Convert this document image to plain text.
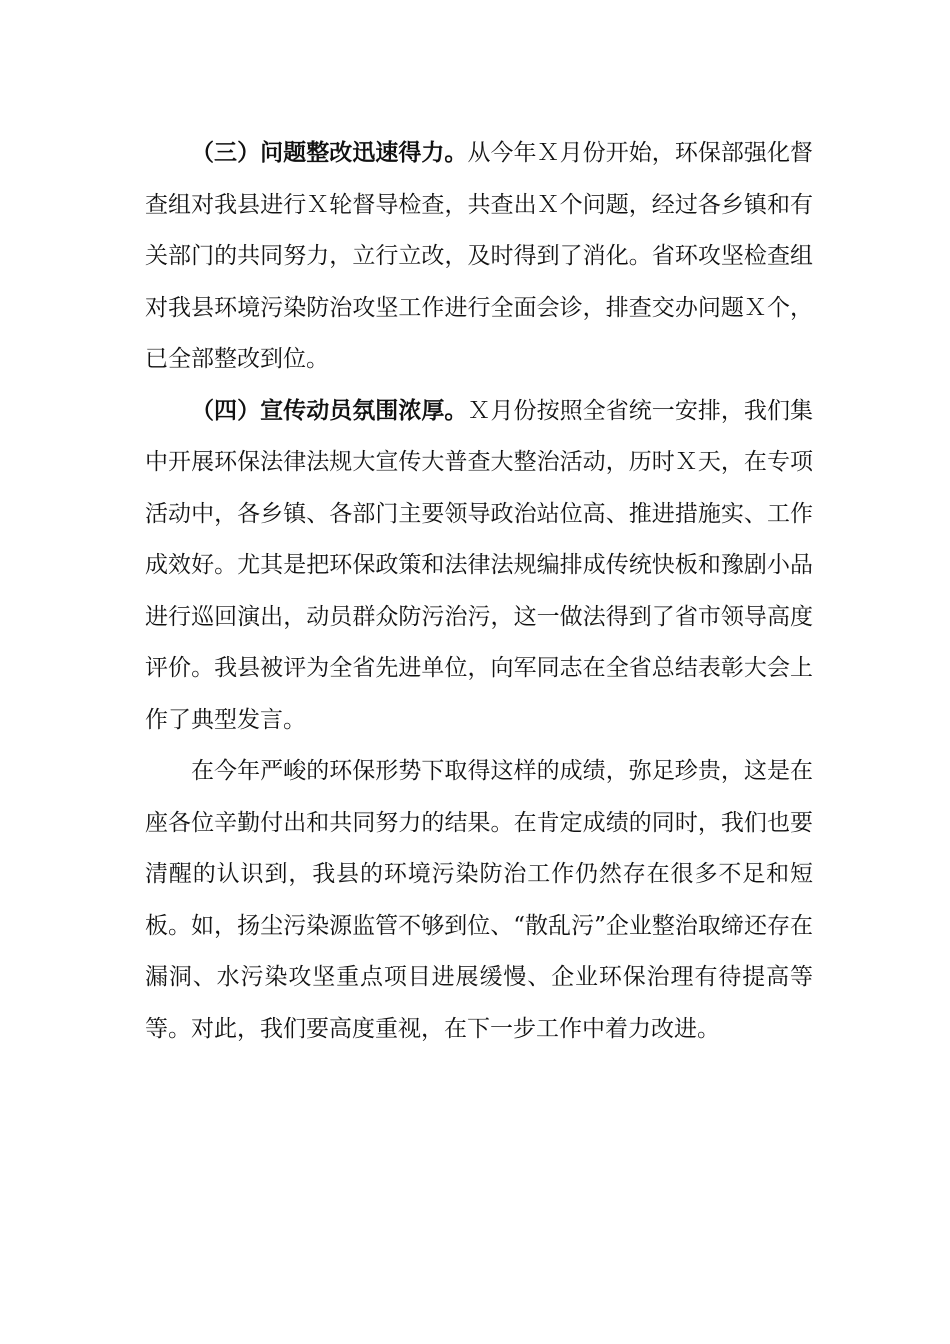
（三）问题整改迅速得力。从今年Ｘ月份开始，环保部强化督查组对我县进行Ｘ轮督导检查，共查出Ｘ个问题，经过各乡镇和有关部门的共同努力，立行立改，及时得到了消化。省环攻坚检查组对我县环境污染防治攻坚工作进行全面会诊，排查交办问题Ｘ个，已全部整改到位。

（四）宣传动员氛围浓厚。Ｘ月份按照全省统一安排，我们集中开展环保法律法规大宣传大普查大整治活动，历时Ｘ天，在专项活动中，各乡镇、各部门主要领导政治站位高、推进措施实、工作成效好。尤其是把环保政策和法律法规编排成传统快板和豫剧小品进行巡回演出，动员群众防污治污，这一做法得到了省市领导高度评价。我县被评为全省先进单位，向军同志在全省总结表彰大会上作了典型发言。

在今年严峻的环保形势下取得这样的成绩，弥足珍贵，这是在座各位辛勤付出和共同努力的结果。在肯定成绩的同时，我们也要清醒的认识到，我县的环境污染防治工作仍然存在很多不足和短板。如，扬尘污染源监管不够到位、“散乱污”企业整治取缔还存在漏洞、水污染攻坚重点项目进展缓慢、企业环保治理有待提高等等。对此，我们要高度重视，在下一步工作中着力改进。
